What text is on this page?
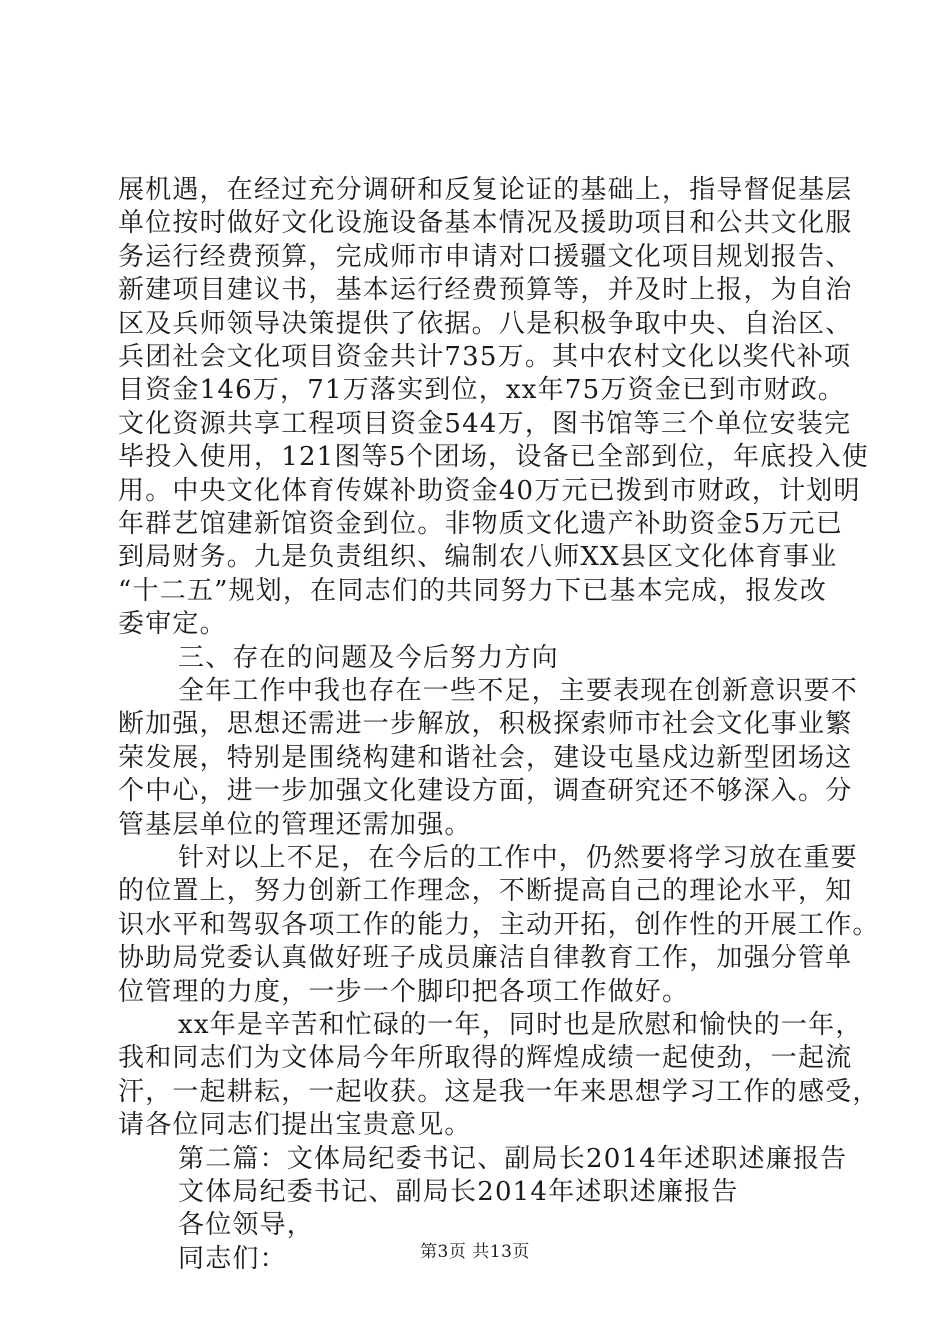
展机遇，在经过充分调研和反复论证的基础上，指导督促基层
单位按时做好文化设施设备基本情况及援助项目和公共文化服
务运行经费预算，完成师市申请对口援疆文化项目规划报告、
新建项目建议书，基本运行经费预算等，并及时上报，为自治
区及兵师领导决策提供了依据。八是积极争取中央、自治区、
兵团社会文化项目资金共计735万。其中农村文化以奖代补项
目资金146万，71万落实到位，xx年75万资金已到市财政。
文化资源共享工程项目资金544万，图书馆等三个单位安装完
毕投入使用，121图等5个团场，设备已全部到位，年底投入使
用。中央文化体育传媒补助资金40万元已拨到市财政，计划明
年群艺馆建新馆资金到位。非物质文化遗产补助资金5万元已
到局财务。九是负责组织、编制农八师XX县区文化体育事业
“十二五”规划，在同志们的共同努力下已基本完成，报发改
委审定。
三、存在的问题及今后努力方向
全年工作中我也存在一些不足，主要表现在创新意识要不
断加强，思想还需进一步解放，积极探索师市社会文化事业繁
荣发展，特别是围绕构建和谐社会，建设屯垦戍边新型团场这
个中心，进一步加强文化建设方面，调查研究还不够深入。分
管基层单位的管理还需加强。
针对以上不足，在今后的工作中，仍然要将学习放在重要
的位置上，努力创新工作理念，不断提高自己的理论水平，知
识水平和驾驭各项工作的能力，主动开拓，创作性的开展工作。
协助局党委认真做好班子成员廉洁自律教育工作，加强分管单
位管理的力度，一步一个脚印把各项工作做好。
xx年是辛苦和忙碌的一年，同时也是欣慰和愉快的一年，
我和同志们为文体局今年所取得的辉煌成绩一起使劲，一起流
汗，一起耕耘，一起收获。这是我一年来思想学习工作的感受，
请各位同志们提出宝贵意见。
第二篇：文体局纪委书记、副局长2014年述职述廉报告
文体局纪委书记、副局长2014年述职述廉报告
各位领导，
同志们：	第3页 共13页
